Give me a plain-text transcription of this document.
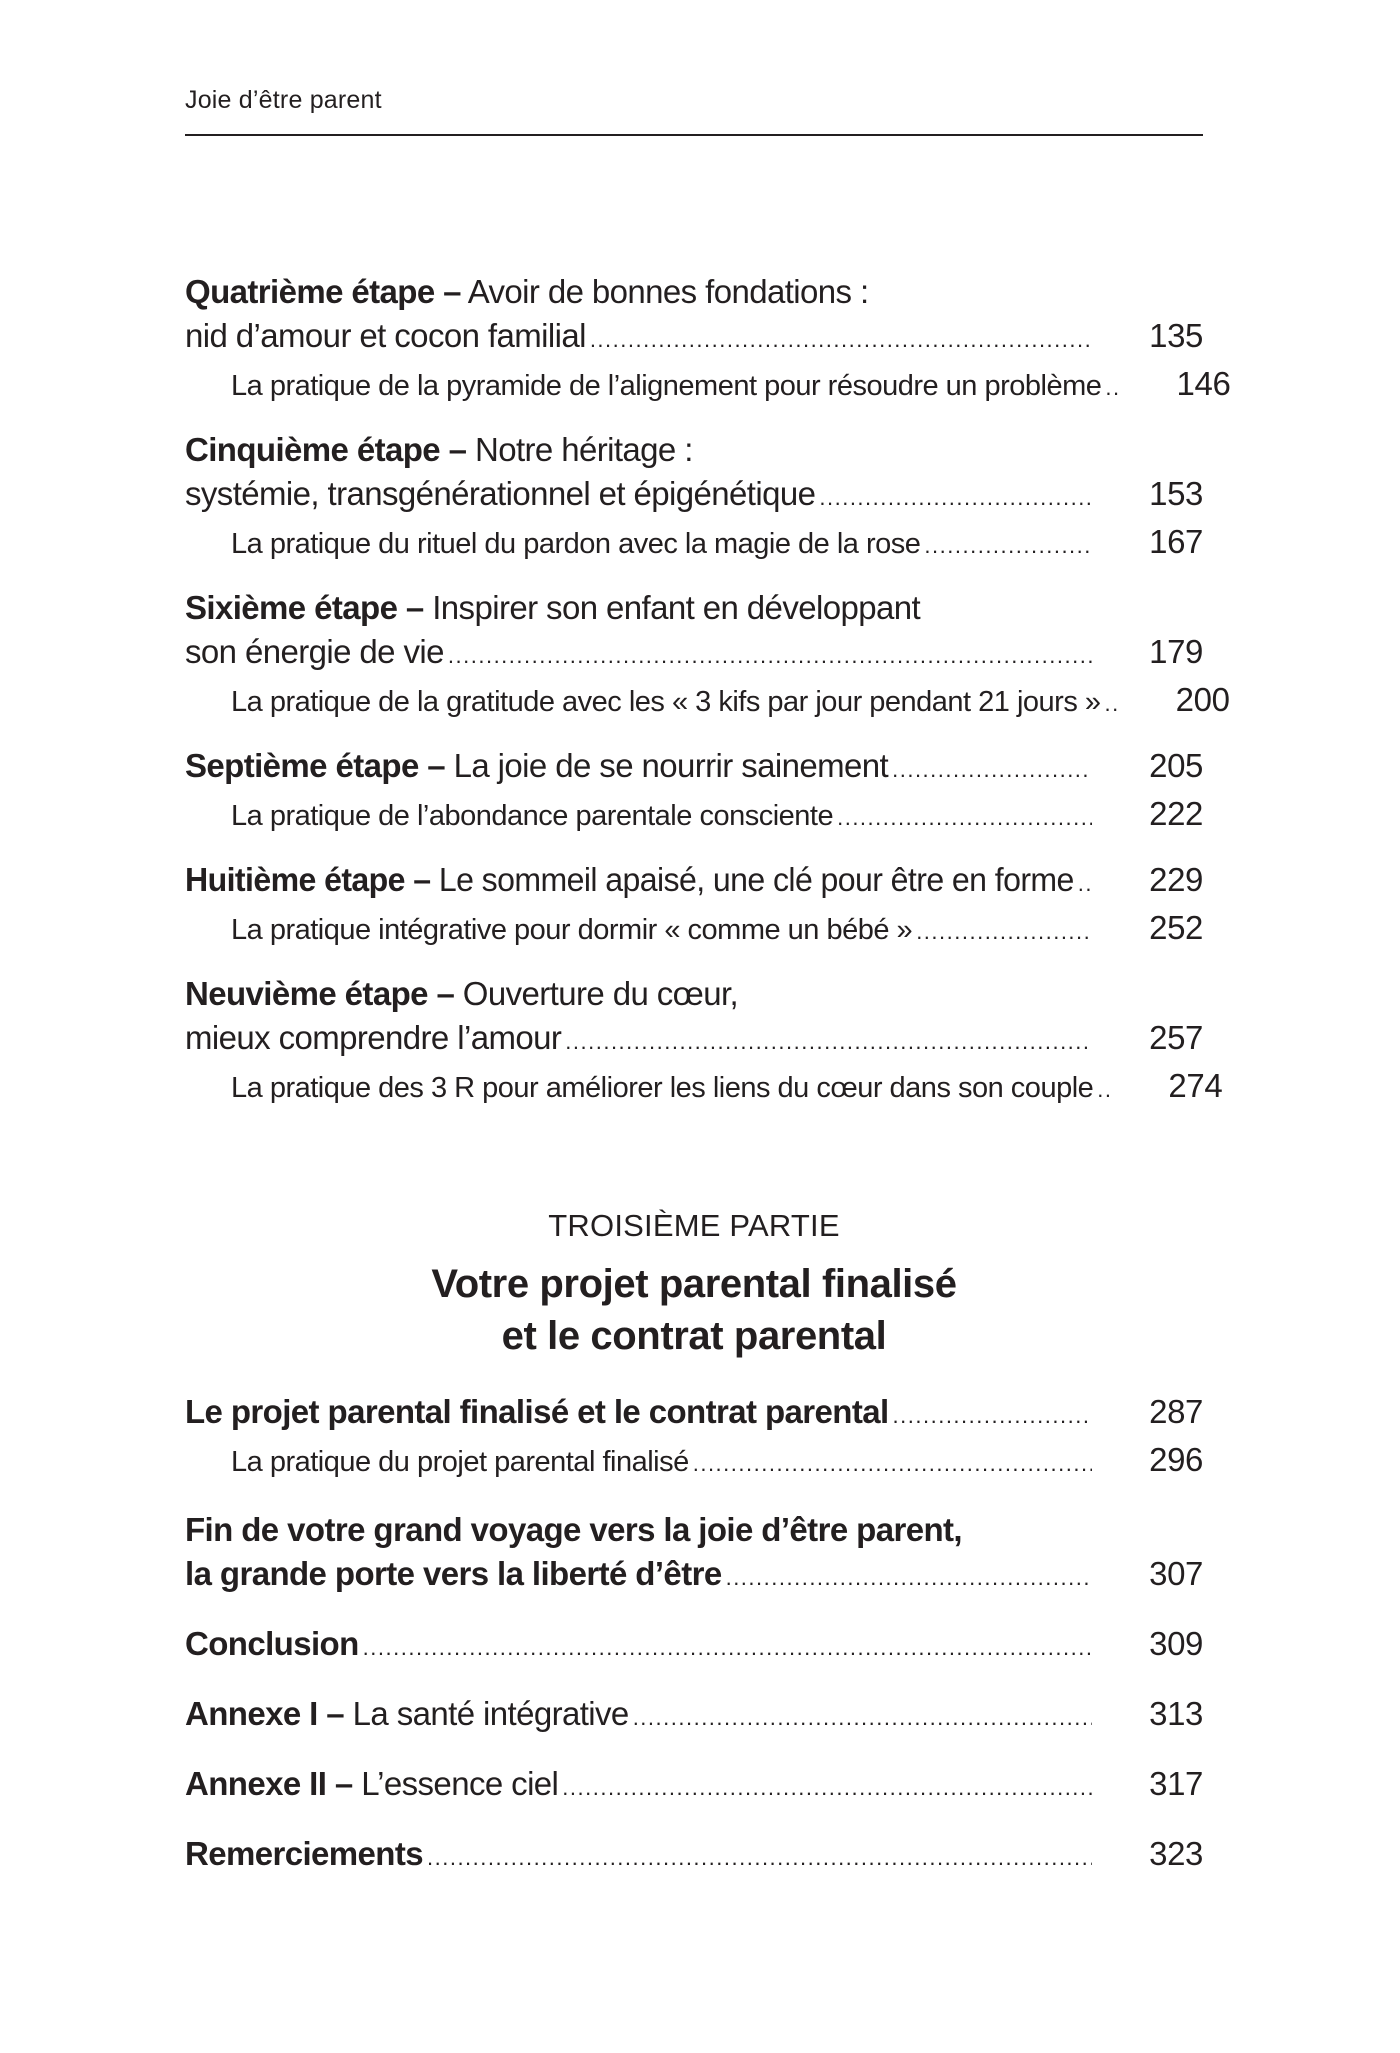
Joie d’être parent
Quatrième étape – Avoir de bonnes fondations :
nid d’amour et cocon familial .....	135
La pratique de la pyramide de l’alignement pour résoudre un problème .....	146
Cinquième étape – Notre héritage :
systémie, transgénérationnel et épigénétique .....	153
La pratique du rituel du pardon avec la magie de la rose .....	167
Sixième étape – Inspirer son enfant en développant
son énergie de vie .....	179
La pratique de la gratitude avec les « 3 kifs par jour pendant 21 jours » .....	200
Septième étape – La joie de se nourrir sainement .....	205
La pratique de l’abondance parentale consciente .....	222
Huitième étape – Le sommeil apaisé, une clé pour être en forme .....	229
La pratique intégrative pour dormir « comme un bébé » .....	252
Neuvième étape – Ouverture du cœur,
mieux comprendre l’amour .....	257
La pratique des 3 R pour améliorer les liens du cœur dans son couple .....	274
TROISIÈME PARTIE
Votre projet parental finalisé
et le contrat parental
Le projet parental finalisé et le contrat parental .....	287
La pratique du projet parental finalisé .....	296
Fin de votre grand voyage vers la joie d’être parent,
la grande porte vers la liberté d’être .....	307
Conclusion .....	309
Annexe I – La santé intégrative .....	313
Annexe II – L’essence ciel .....	317
Remerciements .....	323
